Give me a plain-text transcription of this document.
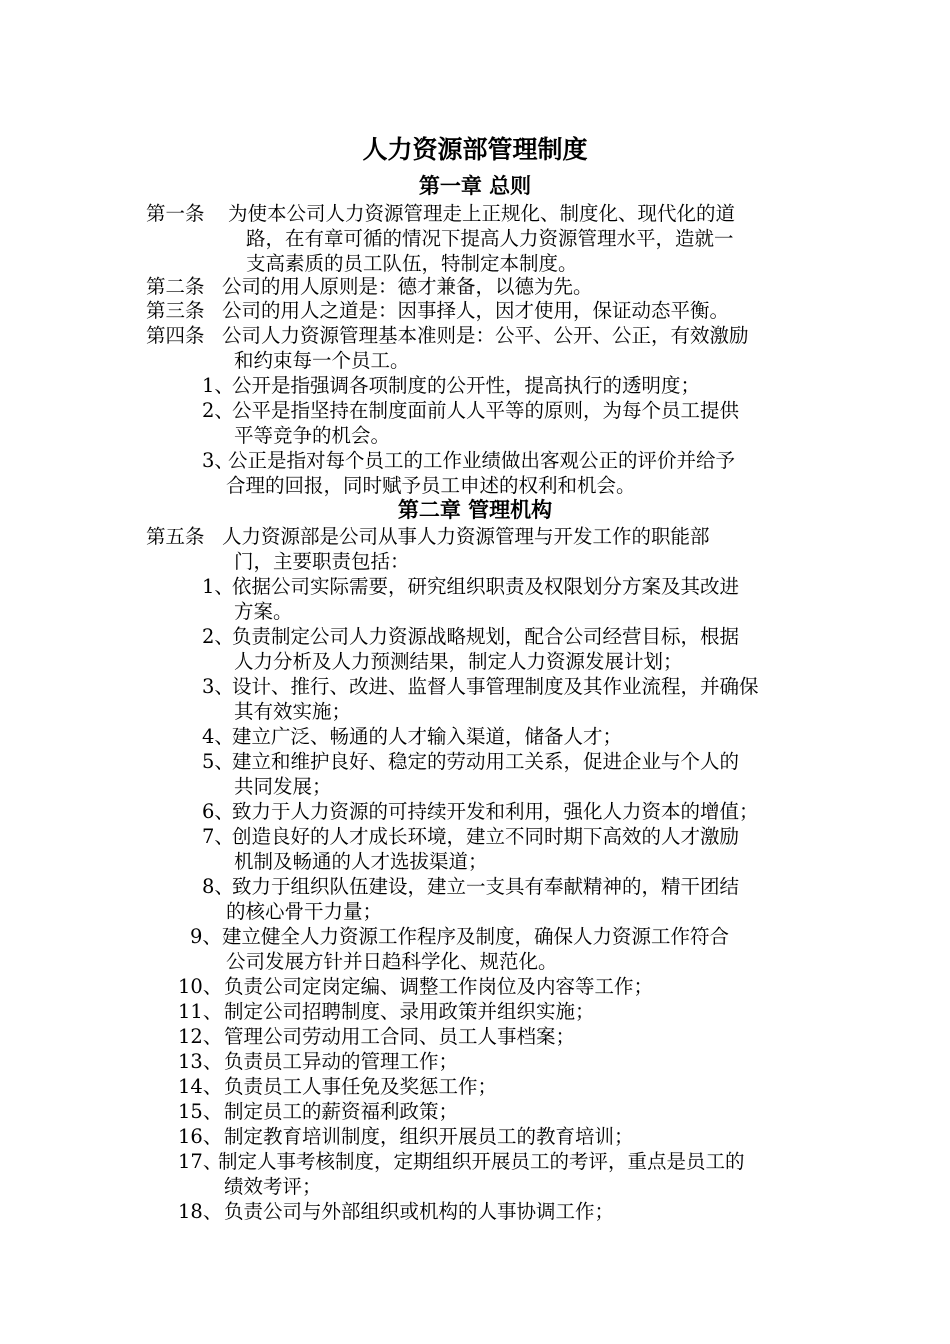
人力资源部管理制度
第一章 总则
第一条 为使本公司人力资源管理走上正规化、制度化、现代化的道
路，在有章可循的情况下提高人力资源管理水平，造就一
支高素质的员工队伍，特制定本制度。
第二条 公司的用人原则是：德才兼备，以德为先。
第三条 公司的用人之道是：因事择人，因才使用，保证动态平衡。
第四条 公司人力资源管理基本准则是：公平、公开、公正，有效激励
和约束每一个员工。
1、
公开是指强调各项制度的公开性，提高执行的透明度；
2、
公平是指坚持在制度面前人人平等的原则，为每个员工提供
平等竞争的机会。
3、
公正是指对每个员工的工作业绩做出客观公正的评价并给予
合理的回报，同时赋予员工申述的权利和机会。
第二章 管理机构
第五条 人力资源部是公司从事人力资源管理与开发工作的职能部
门，主要职责包括：
1、
依据公司实际需要，研究组织职责及权限划分方案及其改进
方案。
2、
负责制定公司人力资源战略规划，配合公司经营目标，根据
人力分析及人力预测结果，制定人力资源发展计划；
3、
设计、推行、改进、监督人事管理制度及其作业流程，并确保
其有效实施；
4、
建立广泛、畅通的人才输入渠道，储备人才；
5、
建立和维护良好、稳定的劳动用工关系，促进企业与个人的
共同发展；
6、
致力于人力资源的可持续开发和利用，强化人力资本的增值；
7、
创造良好的人才成长环境，建立不同时期下高效的人才激励
机制及畅通的人才选拔渠道；
8、
致力于组织队伍建设，建立一支具有奉献精神的，精干团结
的核心骨干力量；
9、 建立健全人力资源工作程序及制度，确保人力资源工作符合
公司发展方针并日趋科学化、规范化。
10、 负责公司定岗定编、调整工作岗位及内容等工作；
11、 制定公司招聘制度、录用政策并组织实施；
12、 管理公司劳动用工合同、员工人事档案；
13、 负责员工异动的管理工作；
14、 负责员工人事任免及奖惩工作；
15、 制定员工的薪资福利政策；
16、 制定教育培训制度，组织开展员工的教育培训；
17、
制定人事考核制度，定期组织开展员工的考评，重点是员工的
绩效考评；
18、 负责公司与外部组织或机构的人事协调工作；
